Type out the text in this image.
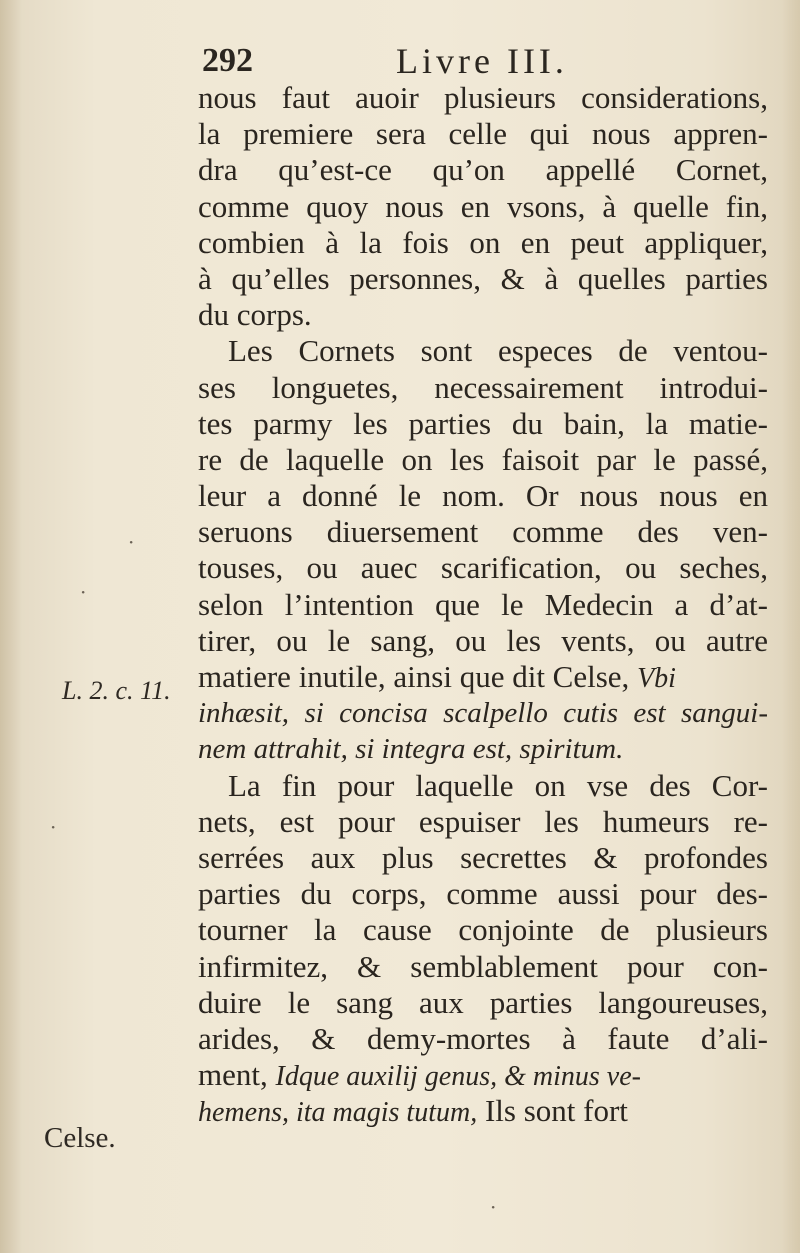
292	Livre III.
nous faut auoir plusieurs considerations,
la premiere sera celle qui nous appren-
dra qu’est-ce qu’on appellé Cornet,
comme quoy nous en vsons, à quelle fin,
combien à la fois on en peut appliquer,
à qu’elles personnes, & à quelles parties
du corps.
Les Cornets sont especes de ventou-
ses longuetes, necessairement introdui-
tes parmy les parties du bain, la matie-
re de laquelle on les faisoit par le passé,
leur a donné le nom. Or nous nous en
seruons diuersement comme des ven-
touses, ou auec scarification, ou seches,
selon l’intention que le Medecin a d’at-
tirer, ou le sang, ou les vents, ou autre
matiere inutile, ainsi que dit Celse, Vbi
inhæsit, si concisa scalpello cutis est sangui-
nem attrahit, si integra est, spiritum.
La fin pour laquelle on vse des Cor-
nets, est pour espuiser les humeurs re-
serrées aux plus secrettes & profondes
parties du corps, comme aussi pour des-
tourner la cause conjointe de plusieurs
infirmitez, & semblablement pour con-
duire le sang aux parties langoureuses,
arides, & demy-mortes à faute d’ali-
ment, Idque auxilij genus, & minus ve-
hemens, ita magis tutum, Ils sont fort
L. 2. c. 11.
Celse.
·
·
·
·
